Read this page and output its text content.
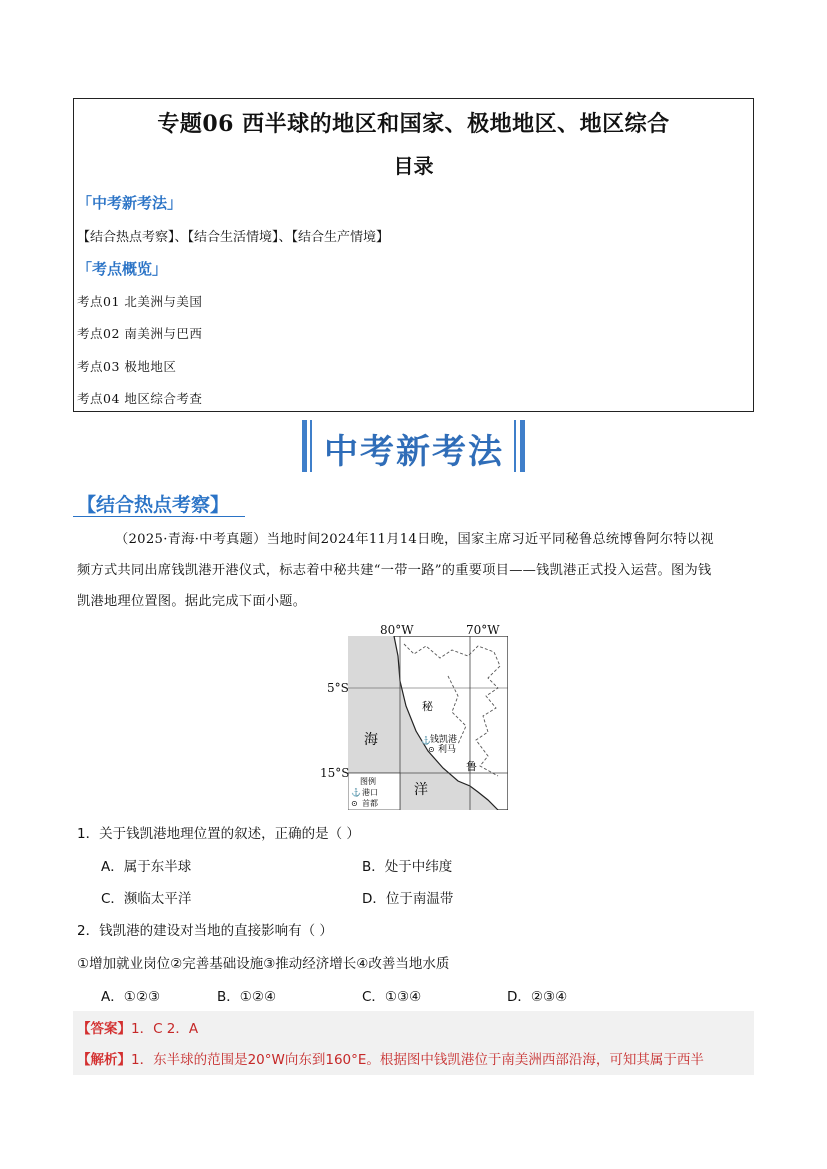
专题06 西半球的地区和国家、极地地区、地区综合
目录
「中考新考法」
【结合热点考察】、【结合生活情境】、【结合生产情境】
「考点概览」
考点01 北美洲与美国
考点02 南美洲与巴西
考点03 极地地区
考点04 地区综合考查
中考新考法
【结合热点考察】
（2025·青海·中考真题）当地时间2024年11月14日晚，国家主席习近平同秘鲁总统博鲁阿尔特以视
频方式共同出席钱凯港开港仪式，标志着中秘共建“一带一路”的重要项目——钱凯港正式投入运营。图为钱
凯港地理位置图。据此完成下面小题。
图例
⚓ 港口
⊙ 首都
海
洋
秘
鲁
⚓ 钱凯港
⊙ 利马
80°W	70°W
5°S
15°S
1．关于钱凯港地理位置的叙述，正确的是（ ）
A．属于东半球	B．处于中纬度
C．濒临太平洋	D．位于南温带
2．钱凯港的建设对当地的直接影响有（ ）
①增加就业岗位②完善基础设施③推动经济增长④改善当地水质
A．①②③	B．①②④	C．①③④	D．②③④
【答案】1．C 2．A
【解析】1．东半球的范围是20°W向东到160°E。根据图中钱凯港位于南美洲西部沿海，可知其属于西半
